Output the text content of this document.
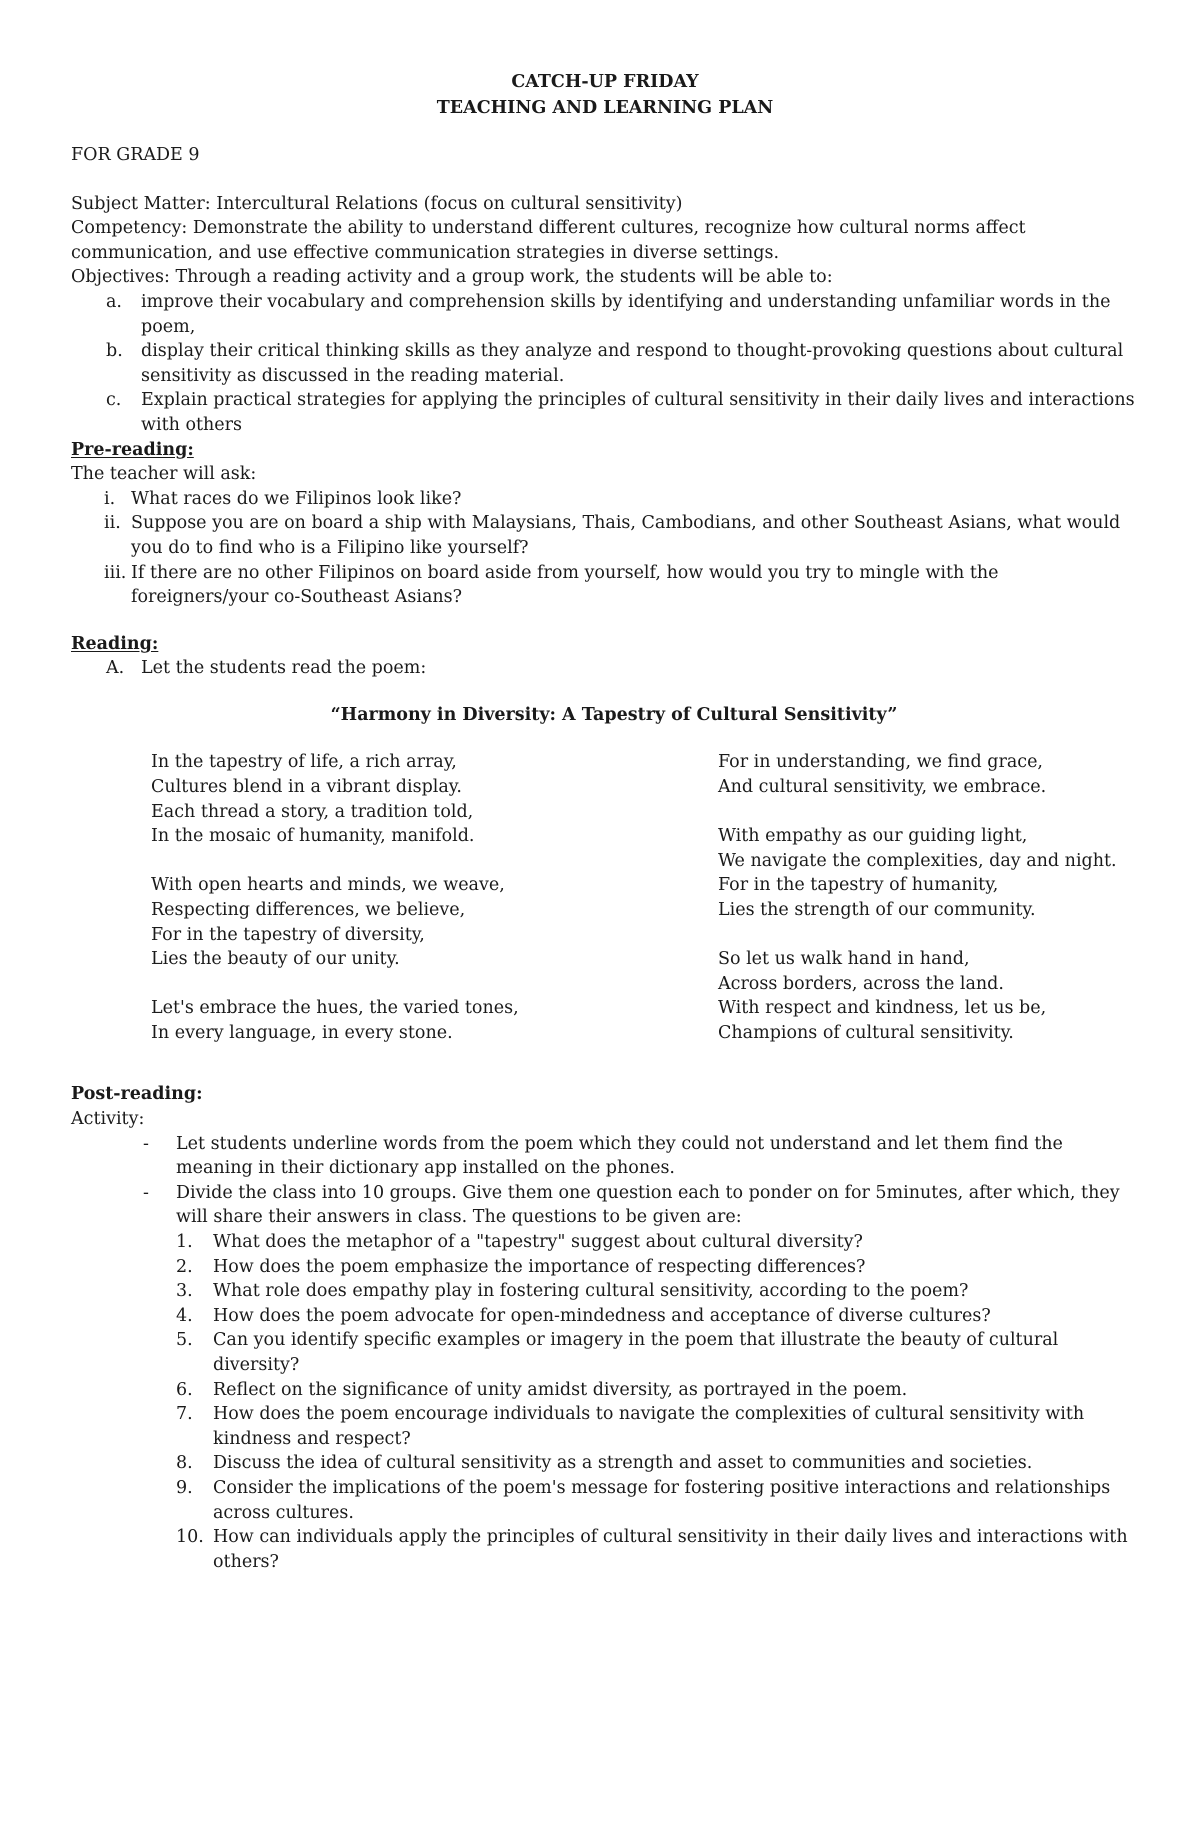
CATCH-UP FRIDAY
TEACHING AND LEARNING PLAN
FOR GRADE 9
Subject Matter: Intercultural Relations (focus on cultural sensitivity)
Competency: Demonstrate the ability to understand different cultures, recognize how cultural norms affect communication, and use effective communication strategies in diverse settings.
Objectives: Through a reading activity and a group work, the students will be able to:
a. improve their vocabulary and comprehension skills by identifying and understanding unfamiliar words in the poem,
b. display their critical thinking skills as they analyze and respond to thought-provoking questions about cultural sensitivity as discussed in the reading material.
c. Explain practical strategies for applying the principles of cultural sensitivity in their daily lives and interactions with others
Pre-reading:
The teacher will ask:
i. What races do we Filipinos look like?
ii. Suppose you are on board a ship with Malaysians, Thais, Cambodians, and other Southeast Asians, what would you do to find who is a Filipino like yourself?
iii. If there are no other Filipinos on board aside from yourself, how would you try to mingle with the foreigners/your co-Southeast Asians?
Reading:
A. Let the students read the poem:
“Harmony in Diversity: A Tapestry of Cultural Sensitivity”
In the tapestry of life, a rich array,
Cultures blend in a vibrant display.
Each thread a story, a tradition told,
In the mosaic of humanity, manifold.
With open hearts and minds, we weave,
Respecting differences, we believe,
For in the tapestry of diversity,
Lies the beauty of our unity.
Let's embrace the hues, the varied tones,
In every language, in every stone.
For in understanding, we find grace,
And cultural sensitivity, we embrace.
With empathy as our guiding light,
We navigate the complexities, day and night.
For in the tapestry of humanity,
Lies the strength of our community.
So let us walk hand in hand,
Across borders, across the land.
With respect and kindness, let us be,
Champions of cultural sensitivity.
Post-reading:
Activity:
- Let students underline words from the poem which they could not understand and let them find the meaning in their dictionary app installed on the phones.
- Divide the class into 10 groups. Give them one question each to ponder on for 5minutes, after which, they will share their answers in class. The questions to be given are:
1. What does the metaphor of a "tapestry" suggest about cultural diversity?
2. How does the poem emphasize the importance of respecting differences?
3. What role does empathy play in fostering cultural sensitivity, according to the poem?
4. How does the poem advocate for open-mindedness and acceptance of diverse cultures?
5. Can you identify specific examples or imagery in the poem that illustrate the beauty of cultural diversity?
6. Reflect on the significance of unity amidst diversity, as portrayed in the poem.
7. How does the poem encourage individuals to navigate the complexities of cultural sensitivity with kindness and respect?
8. Discuss the idea of cultural sensitivity as a strength and asset to communities and societies.
9. Consider the implications of the poem's message for fostering positive interactions and relationships across cultures.
10. How can individuals apply the principles of cultural sensitivity in their daily lives and interactions with others?
